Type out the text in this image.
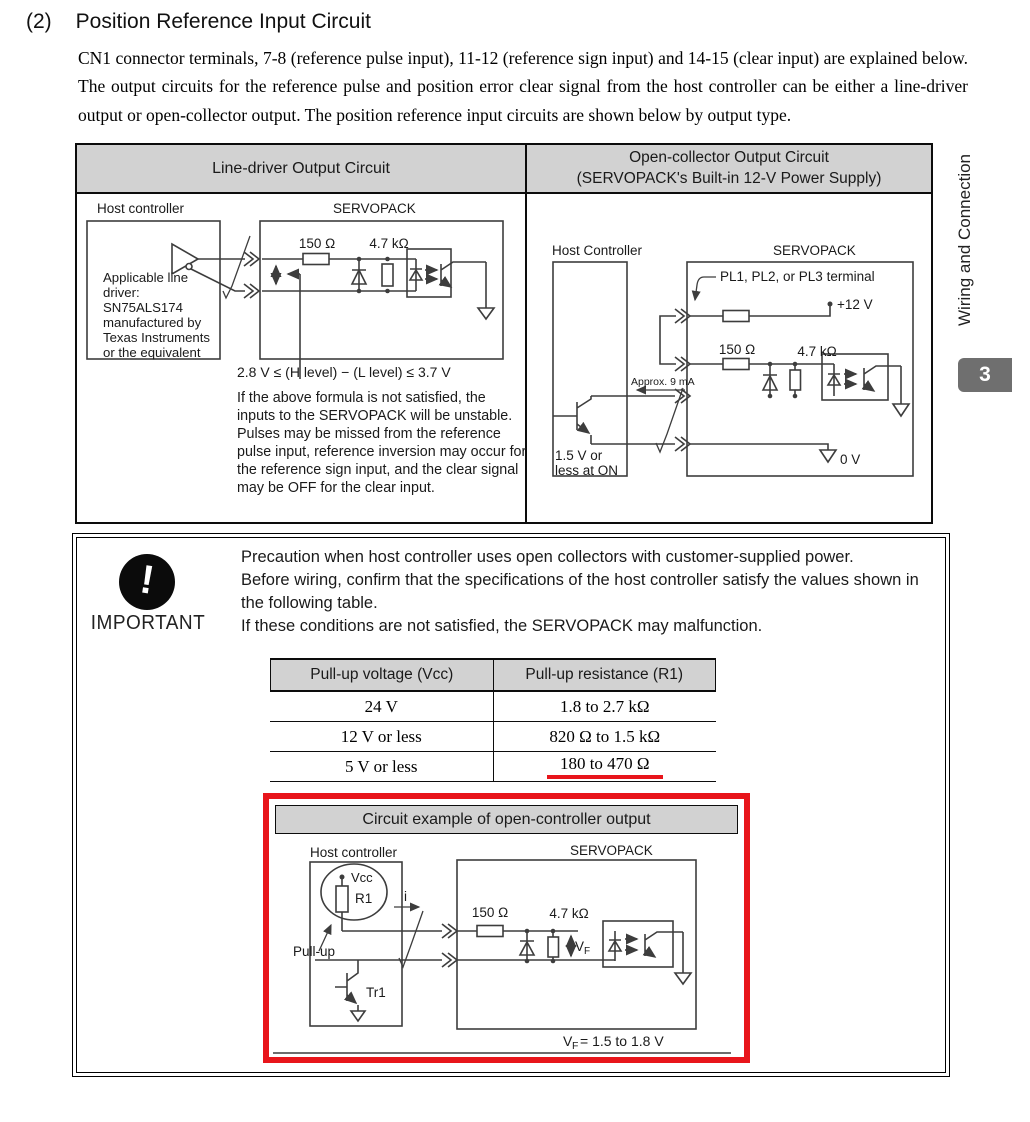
(2) Position Reference Input Circuit
CN1 connector terminals, 7-8 (reference pulse input), 11-12 (reference sign input) and 14-15 (clear input) are explained below. The output circuits for the reference pulse and position error clear signal from the host controller can be either a line-driver output or open-collector output. The position reference input circuits are shown below by output type.
Line-driver Output Circuit
Open-collector Output Circuit
(SERVOPACK's Built-in 12-V Power Supply)
Host controller	SERVOPACK
150 Ω	4.7 kΩ
Applicable line
driver:
SN75ALS174
manufactured by
Texas Instruments
or the equivalent
2.8 V ≤ (H level) − (L level) ≤ 3.7 V
If the above formula is not satisfied, the inputs to the SERVOPACK will be unstable. Pulses may be missed from the reference pulse input, reference inversion may occur for the reference sign input, and the clear signal may be OFF for the clear input.
Host Controller	SERVOPACK
PL1, PL2, or PL3 terminal
+12 V
150 Ω	4.7 kΩ
Approx. 9 mA
1.5 V or
less at ON
0 V
!
IMPORTANT

Precaution when host controller uses open collectors with customer-supplied power.

Before wiring, confirm that the specifications of the host controller satisfy the values shown in the following table.

If these conditions are not satisfied, the SERVOPACK may malfunction.

Pull-up voltage (Vcc)	Pull-up resistance (R1)
24 V	1.8 to 2.7 kΩ
12 V or less	820 Ω to 1.5 kΩ
5 V or less	180 to 470 Ω
Circuit example of open-controller output
Host controller	SERVOPACK
Vcc
R1
Pull-up
i
Tr1
150 Ω	4.7 kΩ
V F
V F = 1.5 to 1.8 V
Wiring and Connection
3
